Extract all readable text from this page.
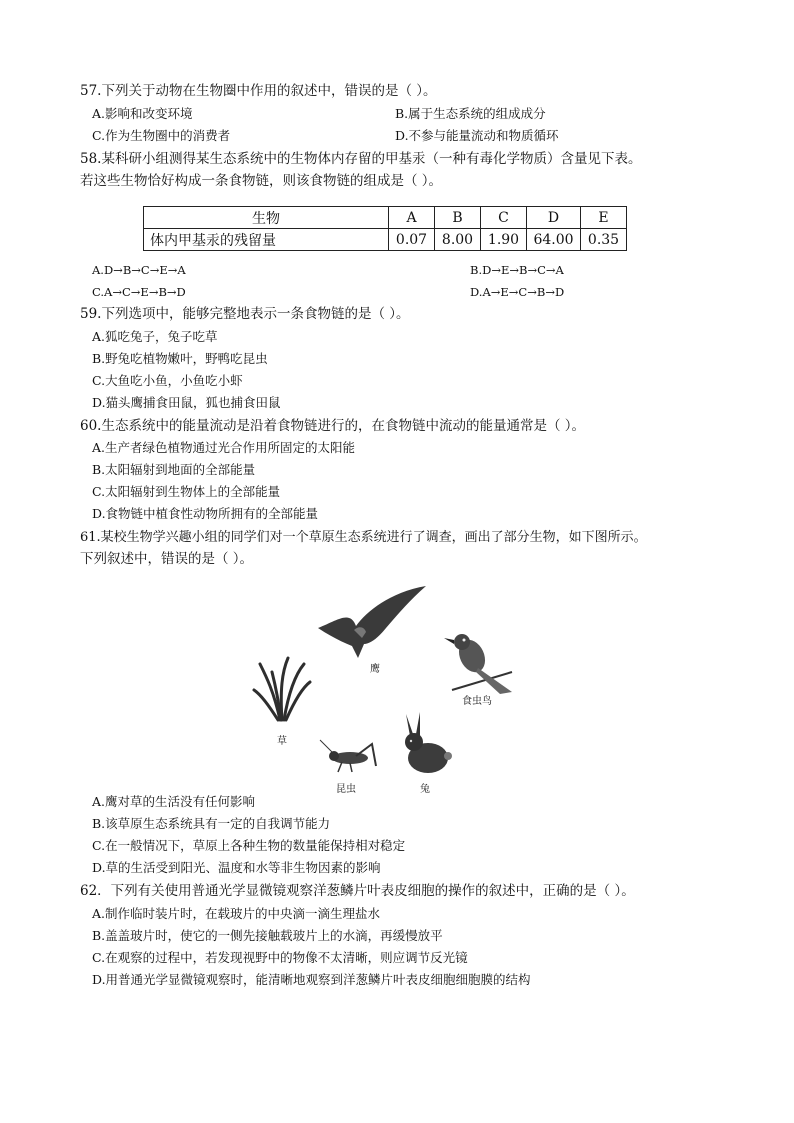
57.下列关于动物在生物圈中作用的叙述中，错误的是（ ）。
A.影响和改变环境	B.属于生态系统的组成成分
C.作为生物圈中的消费者	D.不参与能量流动和物质循环
58.某科研小组测得某生态系统中的生物体内存留的甲基汞（一种有毒化学物质）含量见下表。
若这些生物恰好构成一条食物链，则该食物链的组成是（ ）。
生物	A	B	C	D	E
体内甲基汞的残留量	0.07	8.00	1.90	64.00	0.35
A.D→B→C→E→A	B.D→E→B→C→A
C.A→C→E→B→D	D.A→E→C→B→D
59.下列选项中，能够完整地表示一条食物链的是（ ）。
A.狐吃兔子，兔子吃草
B.野兔吃植物嫩叶，野鸭吃昆虫
C.大鱼吃小鱼，小鱼吃小虾
D.猫头鹰捕食田鼠，狐也捕食田鼠
60.生态系统中的能量流动是沿着食物链进行的，在食物链中流动的能量通常是（ ）。
A.生产者绿色植物通过光合作用所固定的太阳能
B.太阳辐射到地面的全部能量
C.太阳辐射到生物体上的全部能量
D.食物链中植食性动物所拥有的全部能量
61.某校生物学兴趣小组的同学们对一个草原生态系统进行了调查，画出了部分生物，如下图所示。
下列叙述中，错误的是（ ）。
鹰
食虫鸟
草
昆虫	兔
A.鹰对草的生活没有任何影响
B.该草原生态系统具有一定的自我调节能力
C.在一般情况下，草原上各种生物的数量能保持相对稳定
D.草的生活受到阳光、温度和水等非生物因素的影响
62．下列有关使用普通光学显微镜观察洋葱鳞片叶表皮细胞的操作的叙述中，正确的是（ ）。
A.制作临时装片时，在载玻片的中央滴一滴生理盐水
B.盖盖玻片时，使它的一侧先接触载玻片上的水滴，再缓慢放平
C.在观察的过程中，若发现视野中的物像不太清晰，则应调节反光镜
D.用普通光学显微镜观察时，能清晰地观察到洋葱鳞片叶表皮细胞细胞膜的结构
